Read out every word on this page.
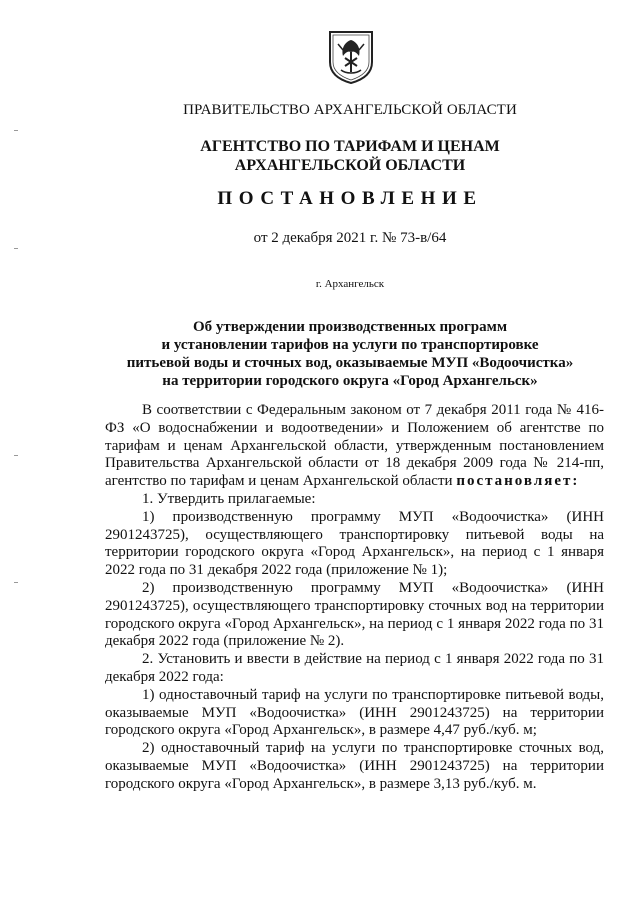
ПРАВИТЕЛЬСТВО АРХАНГЕЛЬСКОЙ ОБЛАСТИ
АГЕНТСТВО ПО ТАРИФАМ И ЦЕНАМ
АРХАНГЕЛЬСКОЙ ОБЛАСТИ
ПОСТАНОВЛЕНИЕ
от 2 декабря 2021 г. № 73-в/64
г. Архангельск
Об утверждении производственных программ
и установлении тарифов на услуги по транспортировке
питьевой воды и сточных вод, оказываемые МУП «Водоочистка»
на территории городского округа «Город Архангельск»

В соответствии с Федеральным законом от 7 декабря 2011 года № 416-ФЗ «О водоснабжении и водоотведении» и Положением об агентстве по тарифам и ценам Архангельской области, утвержденным постановлением Правительства Архангельской области от 18 декабря 2009 года № 214-пп, агентство по тарифам и ценам Архангельской области постановляет:

1. Утвердить прилагаемые:

1) производственную программу МУП «Водоочистка» (ИНН 2901243725), осуществляющего транспортировку питьевой воды на территории городского округа «Город Архангельск», на период с 1 января 2022 года по 31 декабря 2022 года (приложение № 1);

2) производственную программу МУП «Водоочистка» (ИНН 2901243725), осуществляющего транспортировку сточных вод на территории городского округа «Город Архангельск», на период с 1 января 2022 года по 31 декабря 2022 года (приложение № 2).

2. Установить и ввести в действие на период с 1 января 2022 года по 31 декабря 2022 года:

1) одноставочный тариф на услуги по транспортировке питьевой воды, оказываемые МУП «Водоочистка» (ИНН 2901243725) на территории городского округа «Город Архангельск», в размере 4,47 руб./куб. м;

2) одноставочный тариф на услуги по транспортировке сточных вод, оказываемые МУП «Водоочистка» (ИНН 2901243725) на территории городского округа «Город Архангельск», в размере 3,13 руб./куб. м.
